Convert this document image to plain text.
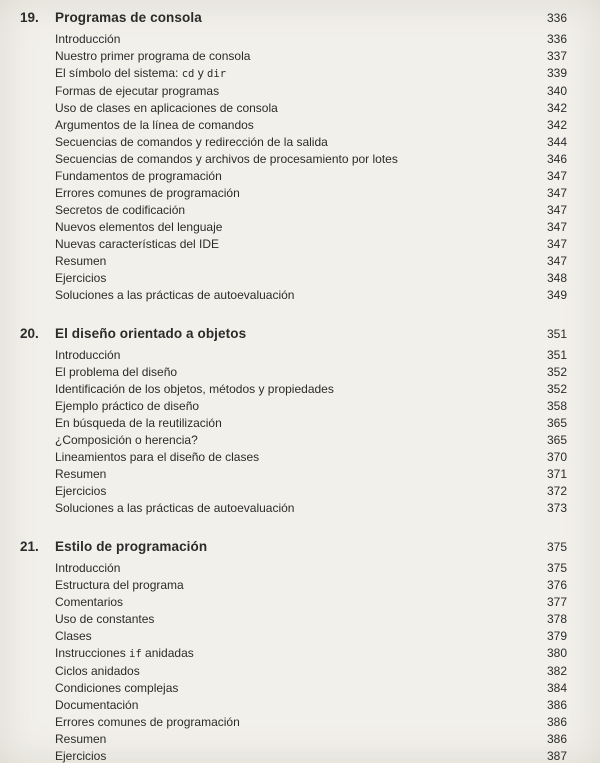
19.	Programas de consola	336
Introducción	336
Nuestro primer programa de consola	337
El símbolo del sistema: cd y dir	339
Formas de ejecutar programas	340
Uso de clases en aplicaciones de consola	342
Argumentos de la línea de comandos	342
Secuencias de comandos y redirección de la salida	344
Secuencias de comandos y archivos de procesamiento por lotes	346
Fundamentos de programación	347
Errores comunes de programación	347
Secretos de codificación	347
Nuevos elementos del lenguaje	347
Nuevas características del IDE	347
Resumen	347
Ejercicios	348
Soluciones a las prácticas de autoevaluación	349
20.	El diseño orientado a objetos	351
Introducción	351
El problema del diseño	352
Identificación de los objetos, métodos y propiedades	352
Ejemplo práctico de diseño	358
En búsqueda de la reutilización	365
¿Composición o herencia?	365
Lineamientos para el diseño de clases	370
Resumen	371
Ejercicios	372
Soluciones a las prácticas de autoevaluación	373
21.	Estilo de programación	375
Introducción	375
Estructura del programa	376
Comentarios	377
Uso de constantes	378
Clases	379
Instrucciones if anidadas	380
Ciclos anidados	382
Condiciones complejas	384
Documentación	386
Errores comunes de programación	386
Resumen	386
Ejercicios	387
